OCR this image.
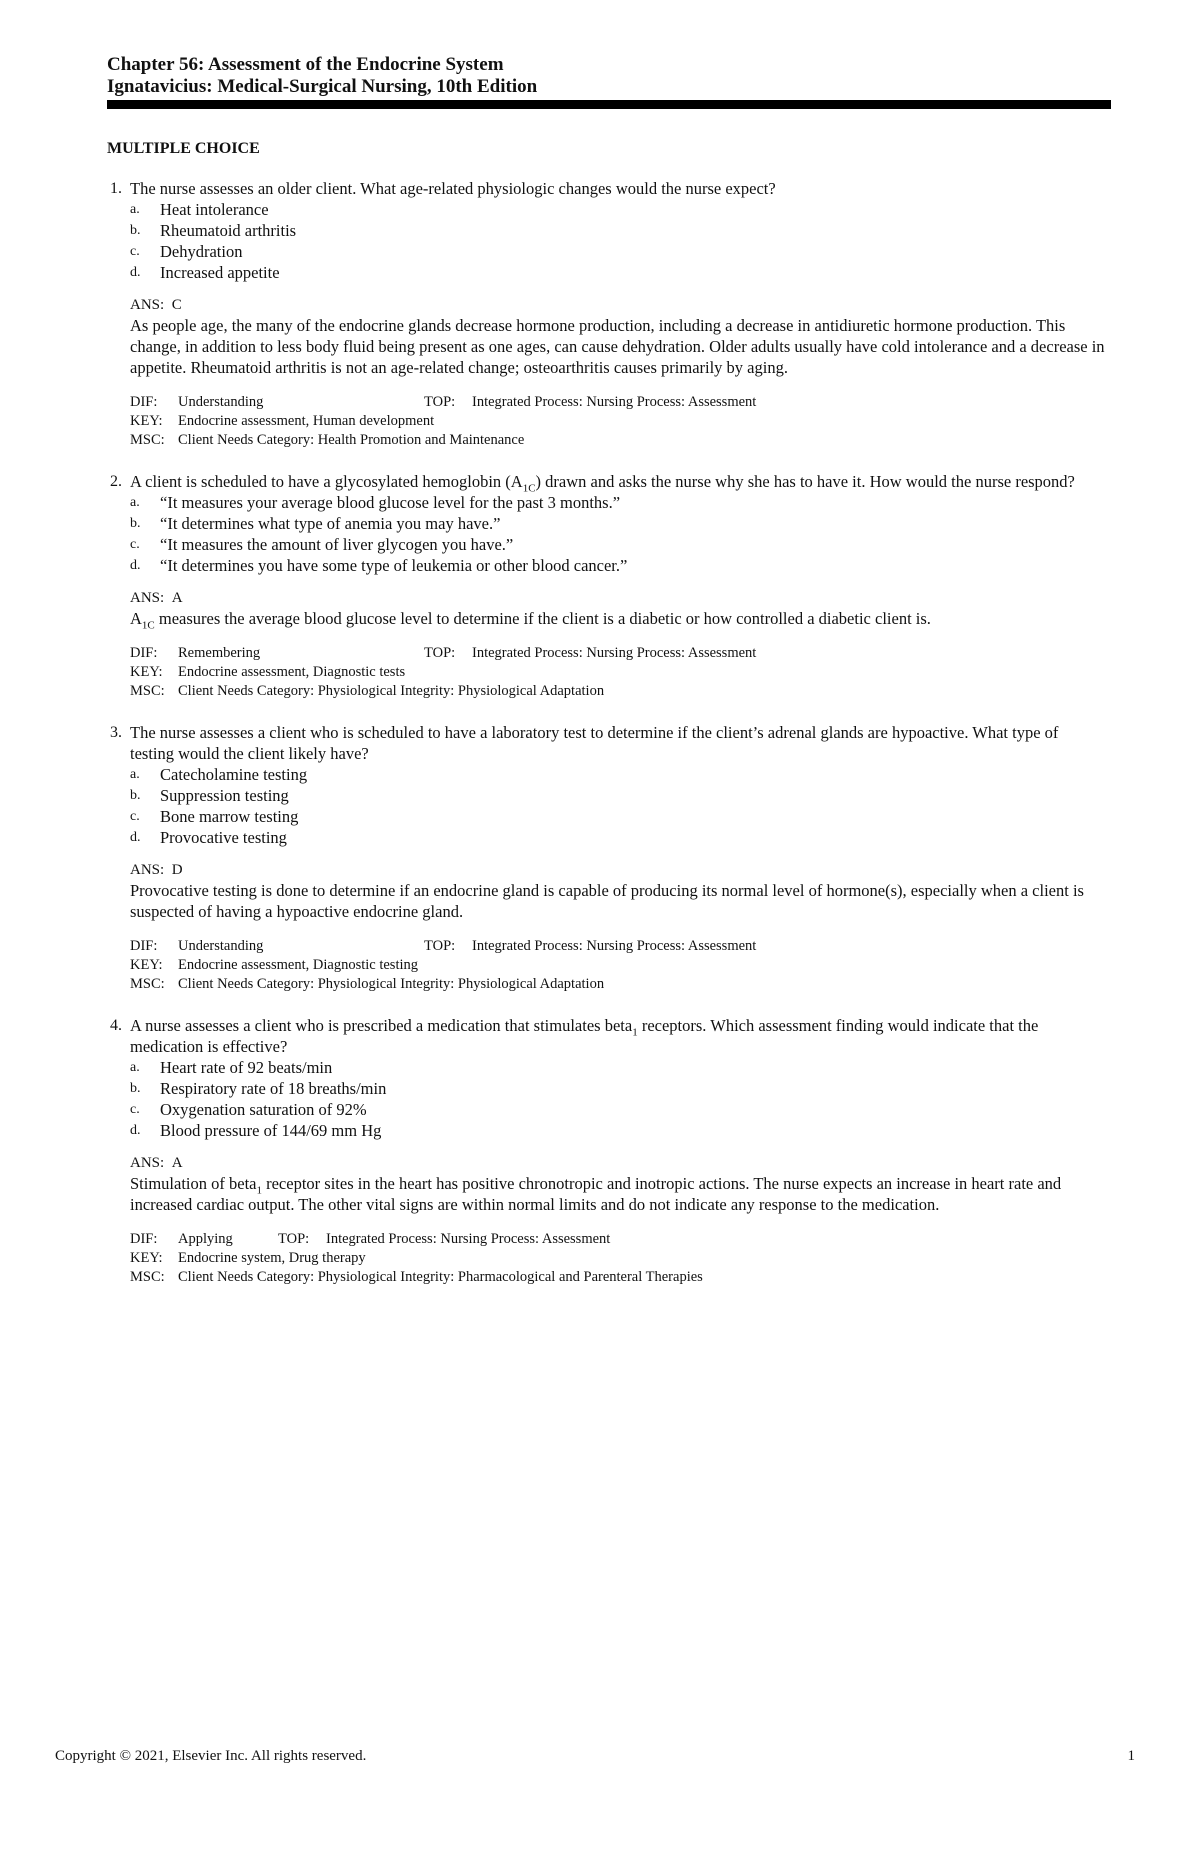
Chapter 56: Assessment of the Endocrine System
Ignatavicius: Medical-Surgical Nursing, 10th Edition
MULTIPLE CHOICE
1. The nurse assesses an older client. What age-related physiologic changes would the nurse expect?
a.	Heat intolerance
b.	Rheumatoid arthritis
c.	Dehydration
d.	Increased appetite
ANS: C
As people age, the many of the endocrine glands decrease hormone production, including a decrease in antidiuretic hormone production. This change, in addition to less body fluid being present as one ages, can cause dehydration. Older adults usually have cold intolerance and a decrease in appetite. Rheumatoid arthritis is not an age-related change; osteoarthritis causes primarily by aging.
DIF:	Understanding	TOP:	Integrated Process: Nursing Process: Assessment
KEY:	Endocrine assessment, Human development
MSC: Client Needs Category: Health Promotion and Maintenance
2. A client is scheduled to have a glycosylated hemoglobin $(A_{1C})$ drawn and asks the nurse why she has to have it. How would the nurse respond?
a.	“It measures your average blood glucose level for the past 3 months.”
b.	“It determines what type of anemia you may have.”
c.	“It measures the amount of liver glycogen you have.”
d.	“It determines you have some type of leukemia or other blood cancer.”
ANS: A
$A_{1C}$ measures the average blood glucose level to determine if the client is a diabetic or how controlled a diabetic client is.
DIF:	Remembering	TOP:	Integrated Process: Nursing Process: Assessment
KEY:	Endocrine assessment, Diagnostic tests
MSC: Client Needs Category: Physiological Integrity: Physiological Adaptation
3. The nurse assesses a client who is scheduled to have a laboratory test to determine if the client’s adrenal glands are hypoactive. What type of testing would the client likely have?
a.	Catecholamine testing
b.	Suppression testing
c.	Bone marrow testing
d.	Provocative testing
ANS: D
Provocative testing is done to determine if an endocrine gland is capable of producing its normal level of hormone(s), especially when a client is suspected of having a hypoactive endocrine gland.
DIF:	Understanding	TOP:	Integrated Process: Nursing Process: Assessment
KEY:	Endocrine assessment, Diagnostic testing
MSC: Client Needs Category: Physiological Integrity: Physiological Adaptation
4. A nurse assesses a client who is prescribed a medication that stimulates beta$_1$ receptors. Which assessment finding would indicate that the medication is effective?
a.	Heart rate of 92 beats/min
b.	Respiratory rate of 18 breaths/min
c.	Oxygenation saturation of 92%
d.	Blood pressure of 144/69 mm Hg
ANS: A
Stimulation of beta$_1$ receptor sites in the heart has positive chronotropic and inotropic actions. The nurse expects an increase in heart rate and increased cardiac output. The other vital signs are within normal limits and do not indicate any response to the medication.
DIF:	Applying	TOP:	Integrated Process: Nursing Process: Assessment
KEY:	Endocrine system, Drug therapy
MSC: Client Needs Category: Physiological Integrity: Pharmacological and Parenteral Therapies
Copyright © 2021, Elsevier Inc. All rights reserved.	1
